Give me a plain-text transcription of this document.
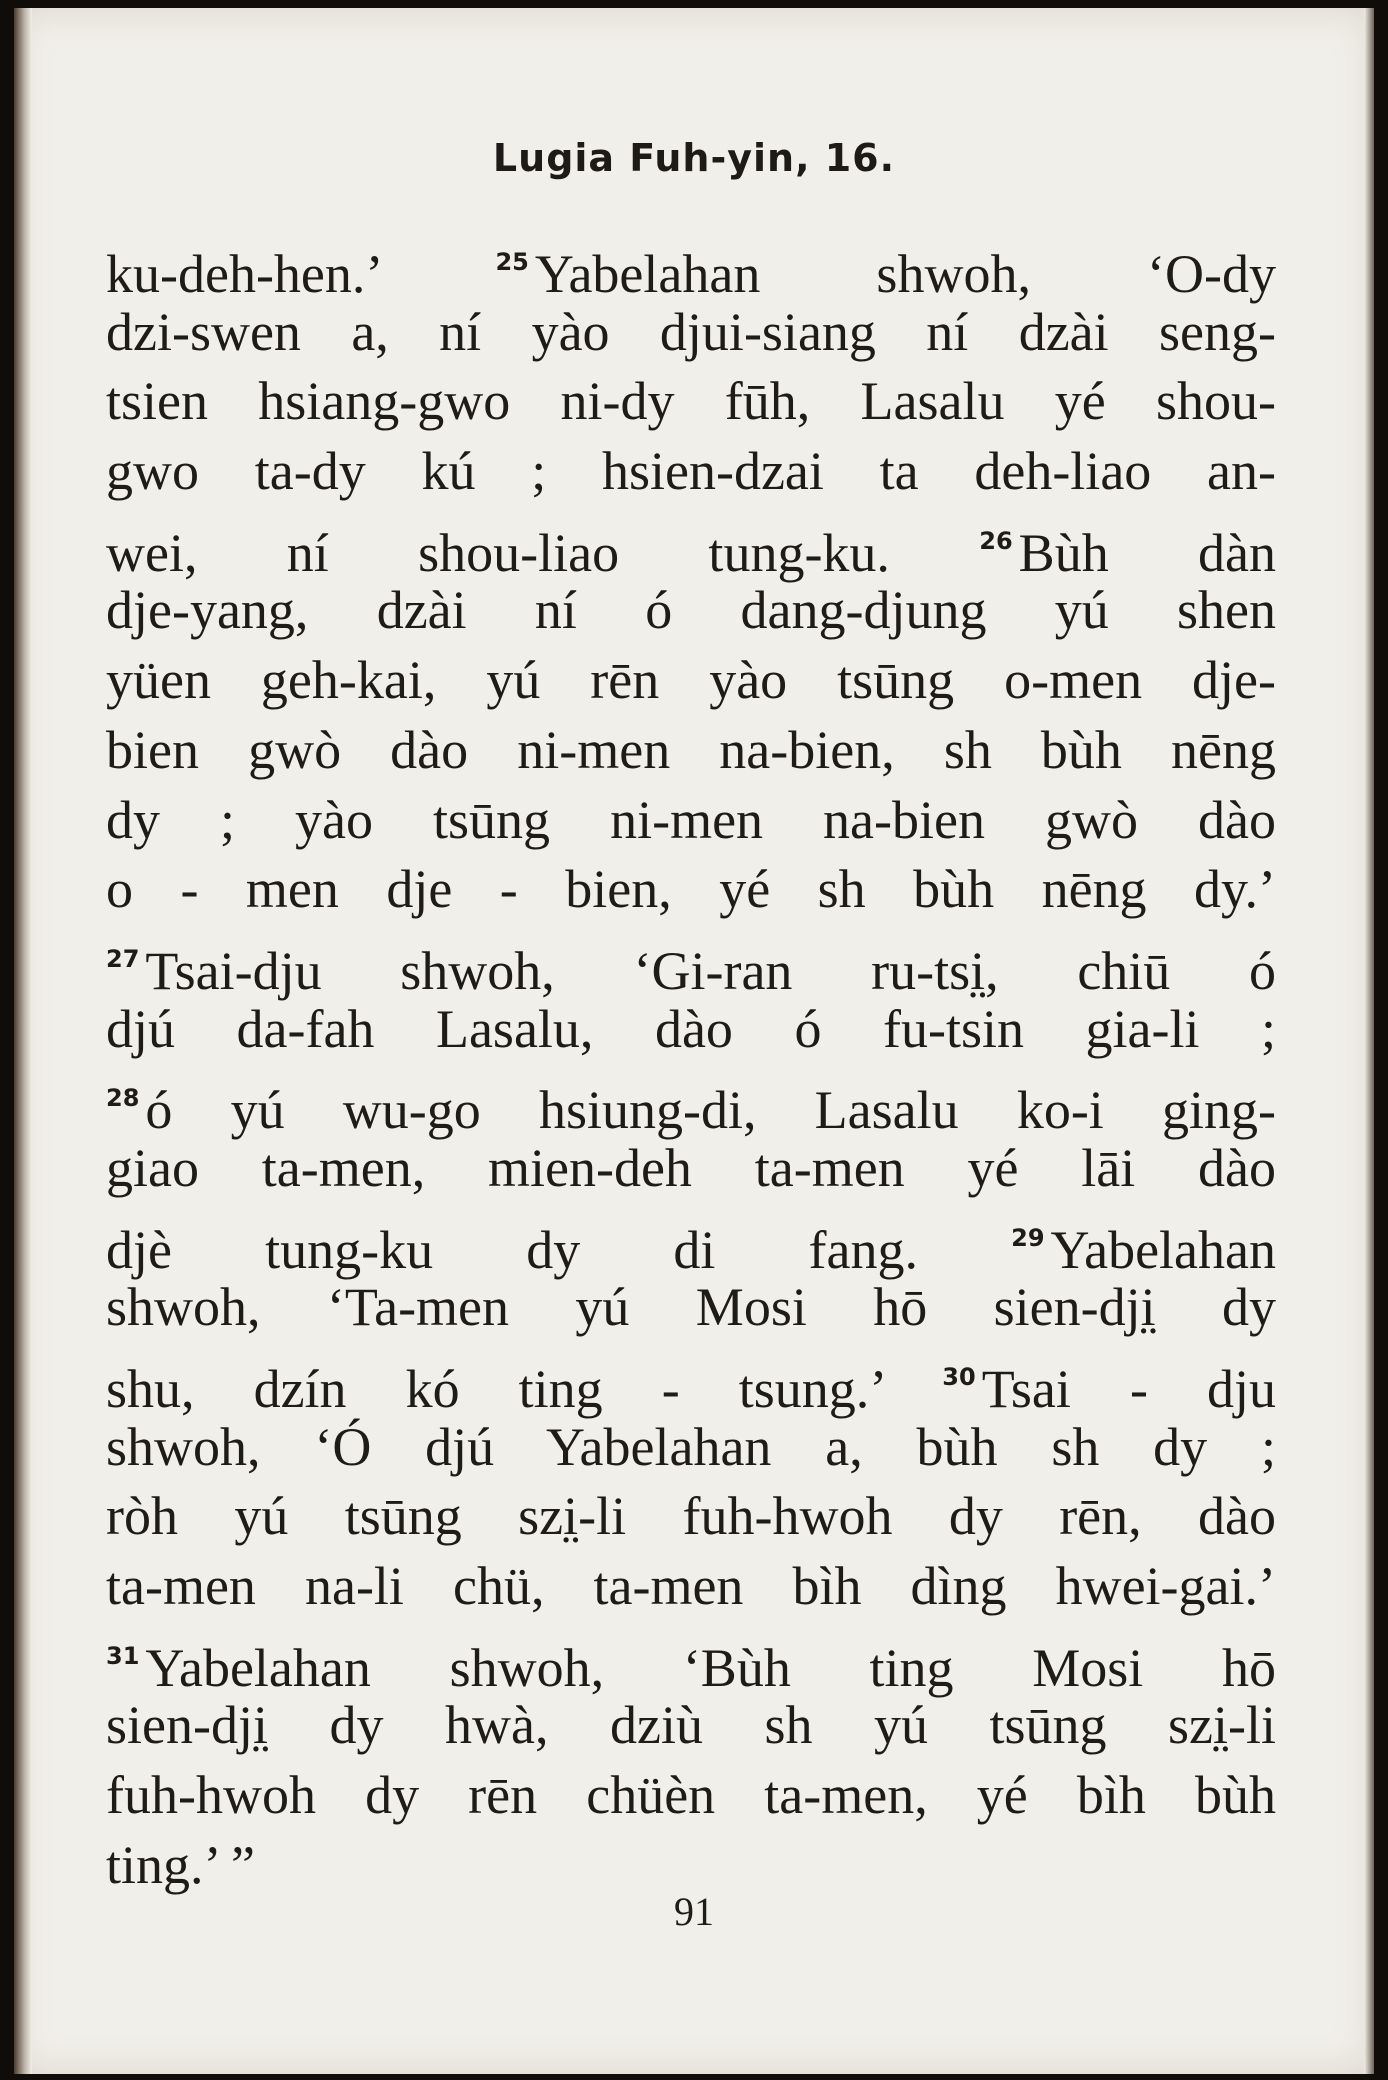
Lugia Fuh-yin, 16.
ku-deh-hen.’ $^{25}$ Yabelahan shwoh, ‘O-dy
dzi-swen a, ní yào djui-siang ní dzài seng-
tsien hsiang-gwo ni-dy fūh, Lasalu yé shou-
gwo ta-dy kú ; hsien-dzai ta deh-liao an-
wei, ní shou-liao tung-ku. $^{26}$ Bùh dàn
dje-yang, dzài ní ó dang-djung yú shen
yüen geh-kai, yú rēn yào tsūng o-men dje-
bien gwò dào ni-men na-bien, sh bùh nēng
dy ; yào tsūng ni-men na-bien gwò dào
o - men dje - bien, yé sh bùh nēng dy.’
$^{27}$ Tsai-dju shwoh, ‘Gi-ran ru-tsi̤, chiū ó
djú da-fah Lasalu, dào ó fu-tsin gia-li ;
$^{28}$ ó yú wu-go hsiung-di, Lasalu ko-i ging-
giao ta-men, mien-deh ta-men yé lāi dào
djè tung-ku dy di fang. $^{29}$ Yabelahan
shwoh, ‘Ta-men yú Mosi hō sien-dji̤ dy
shu, dzín kó ting - tsung.’ $^{30}$ Tsai - dju
shwoh, ‘Ó djú Yabelahan a, bùh sh dy ;
ròh yú tsūng szi̤-li fuh-hwoh dy rēn, dào
ta-men na-li chü, ta-men bìh dìng hwei-gai.’
$^{31}$ Yabelahan shwoh, ‘Bùh ting Mosi hō
sien-dji̤ dy hwà, dziù sh yú tsūng szi̤-li
fuh-hwoh dy rēn chüèn ta-men, yé bìh bùh
ting.’ ”
91
